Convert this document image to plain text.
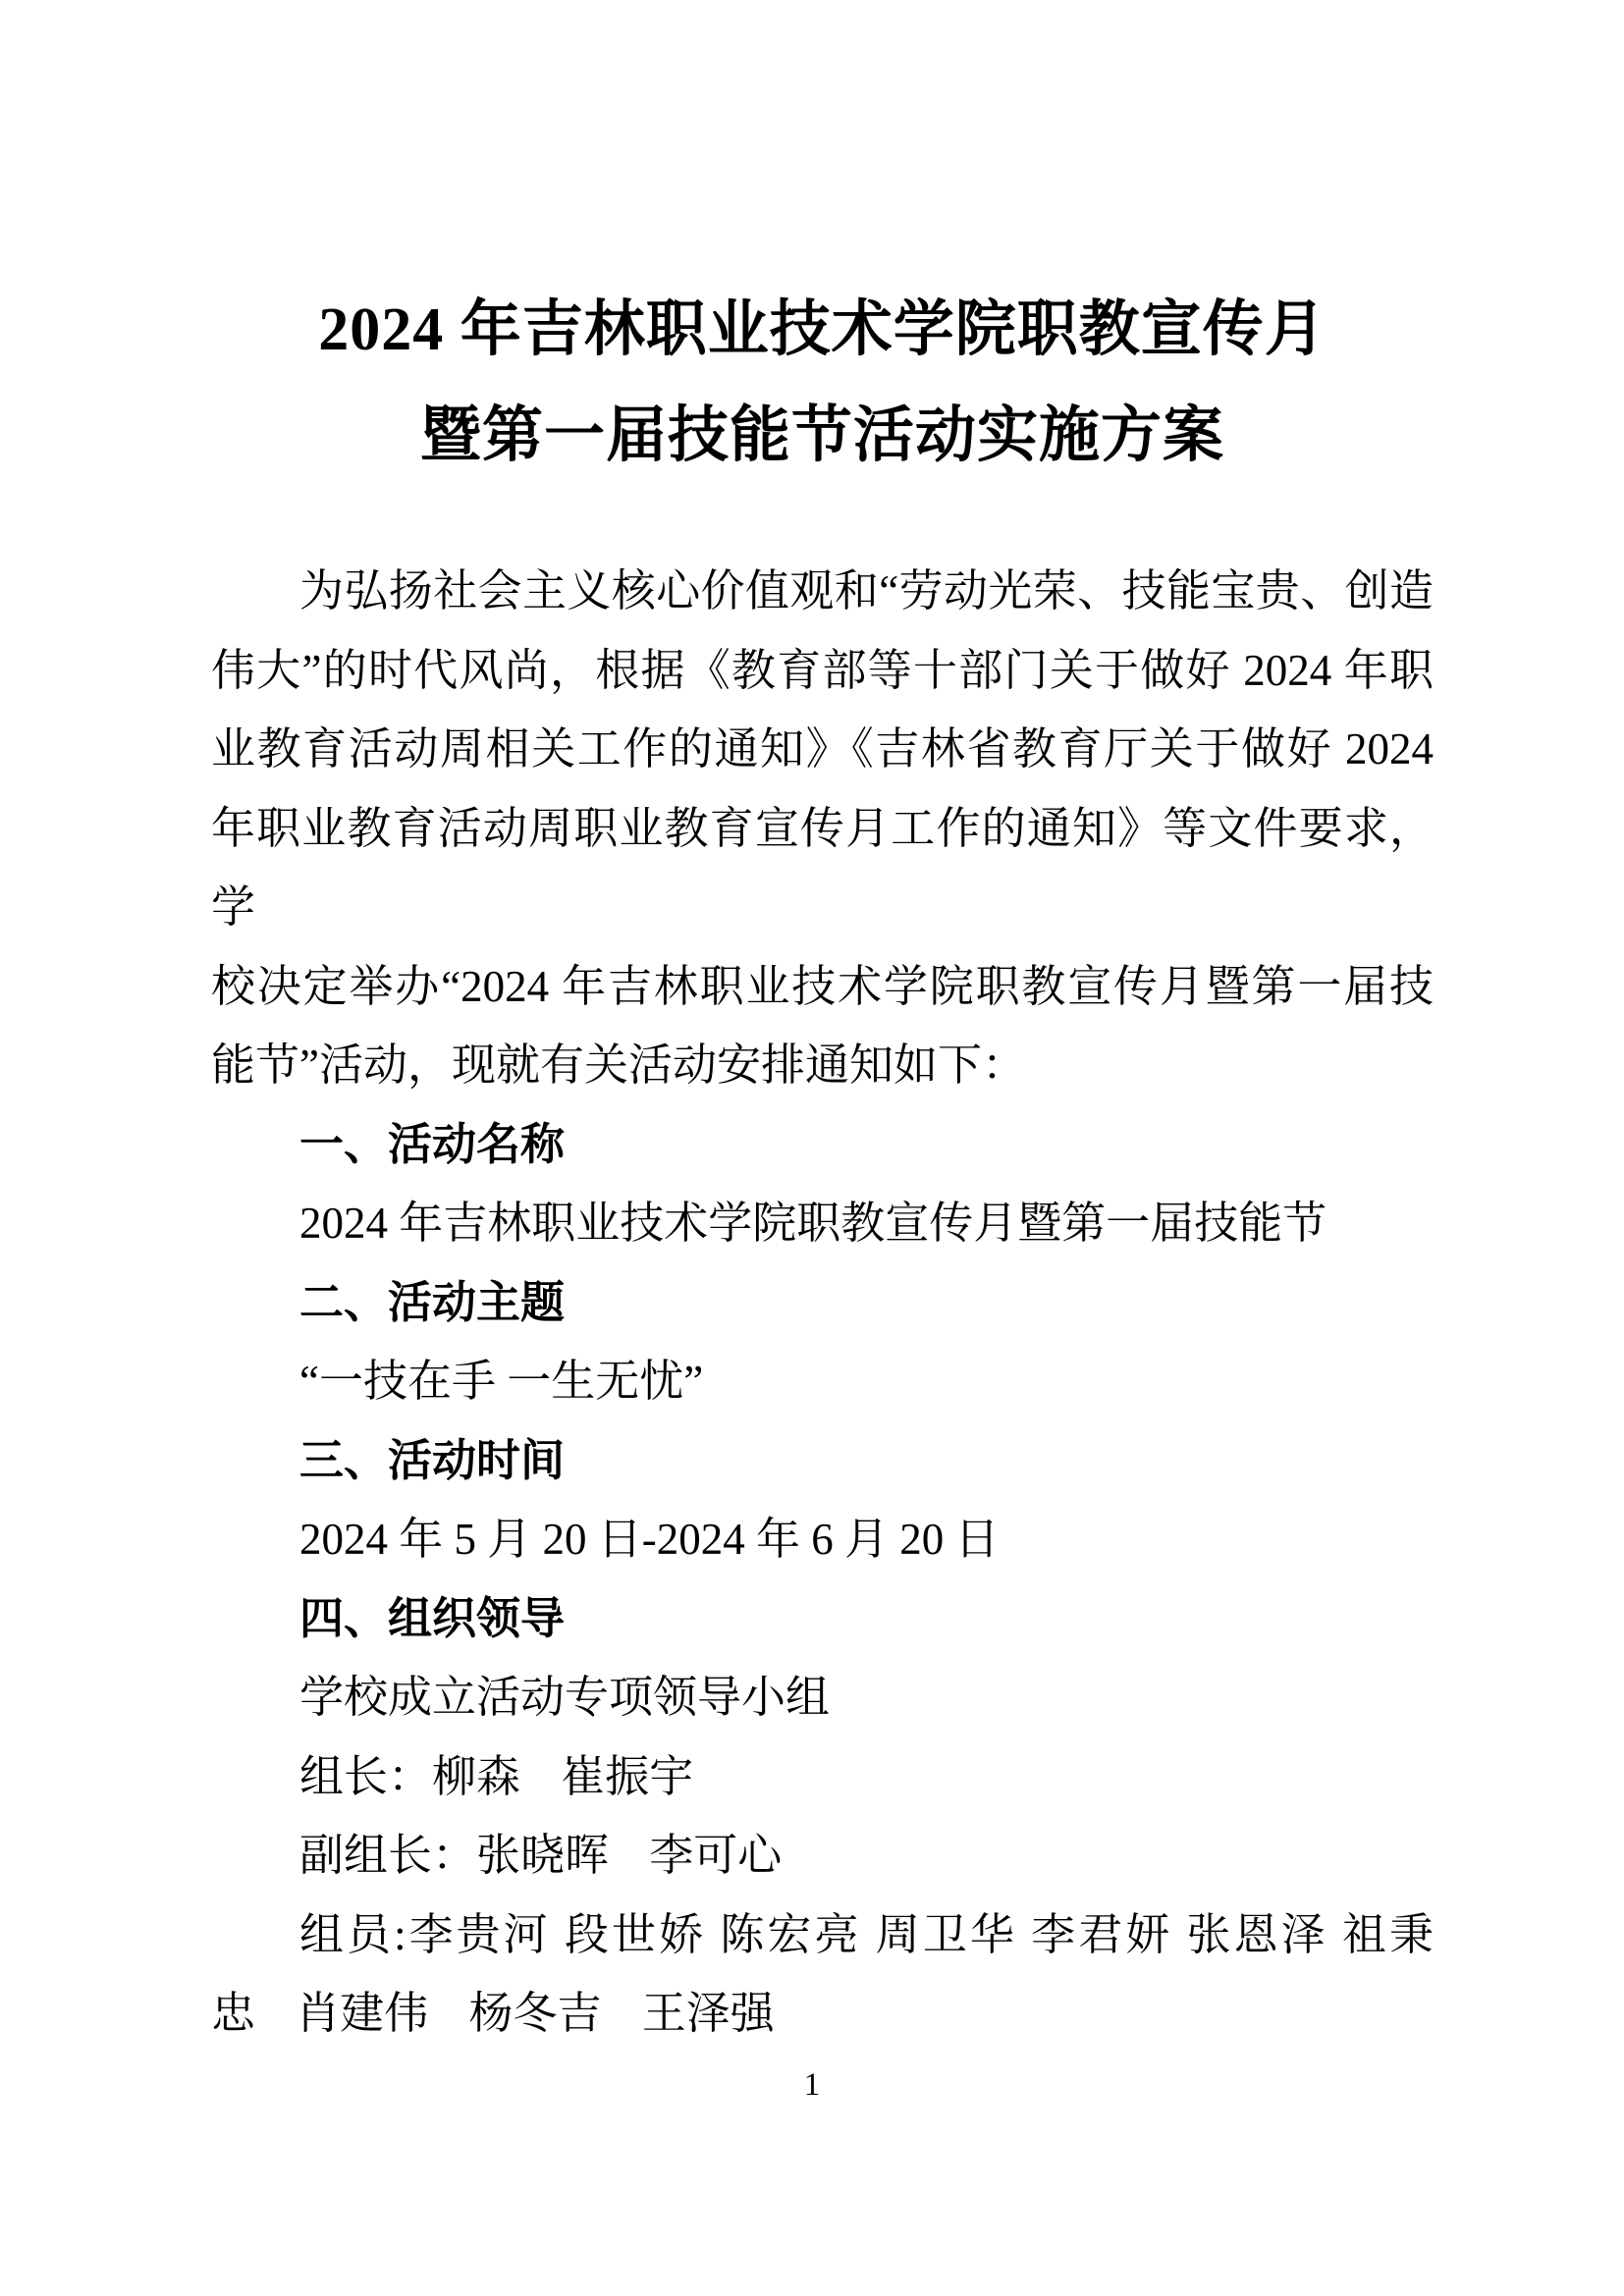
2024 年吉林职业技术学院职教宣传月
暨第一届技能节活动实施方案
为弘扬社会主义核心价值观和“劳动光荣、技能宝贵、创造
伟大”的时代风尚，根据《教育部等十部门关于做好 2024 年职
业教育活动周相关工作的通知》《吉林省教育厅关于做好 2024
年职业教育活动周职业教育宣传月工作的通知》等文件要求，学
校决定举办“2024 年吉林职业技术学院职教宣传月暨第一届技
能节”活动，现就有关活动安排通知如下：
一、活动名称
2024 年吉林职业技术学院职教宣传月暨第一届技能节
二、活动主题
“一技在手 一生无忧”
三、活动时间
2024 年 5 月 20 日-2024 年 6 月 20 日
四、组织领导
学校成立活动专项领导小组
组长：柳森 崔振宇
副组长：张晓晖 李可心
组员:李贵河 段世娇 陈宏亮 周卫华 李君妍 张恩泽 祖秉
忠 肖建伟 杨冬吉 王泽强
1
